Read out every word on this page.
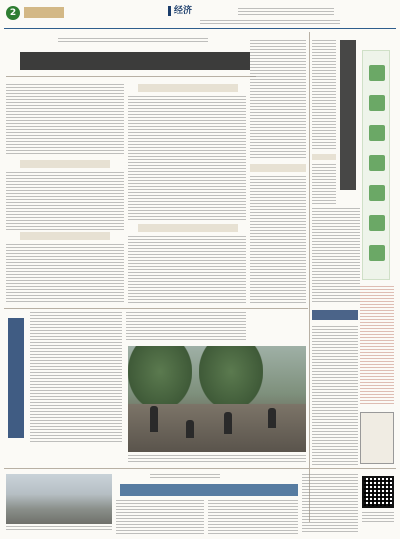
2	经济
